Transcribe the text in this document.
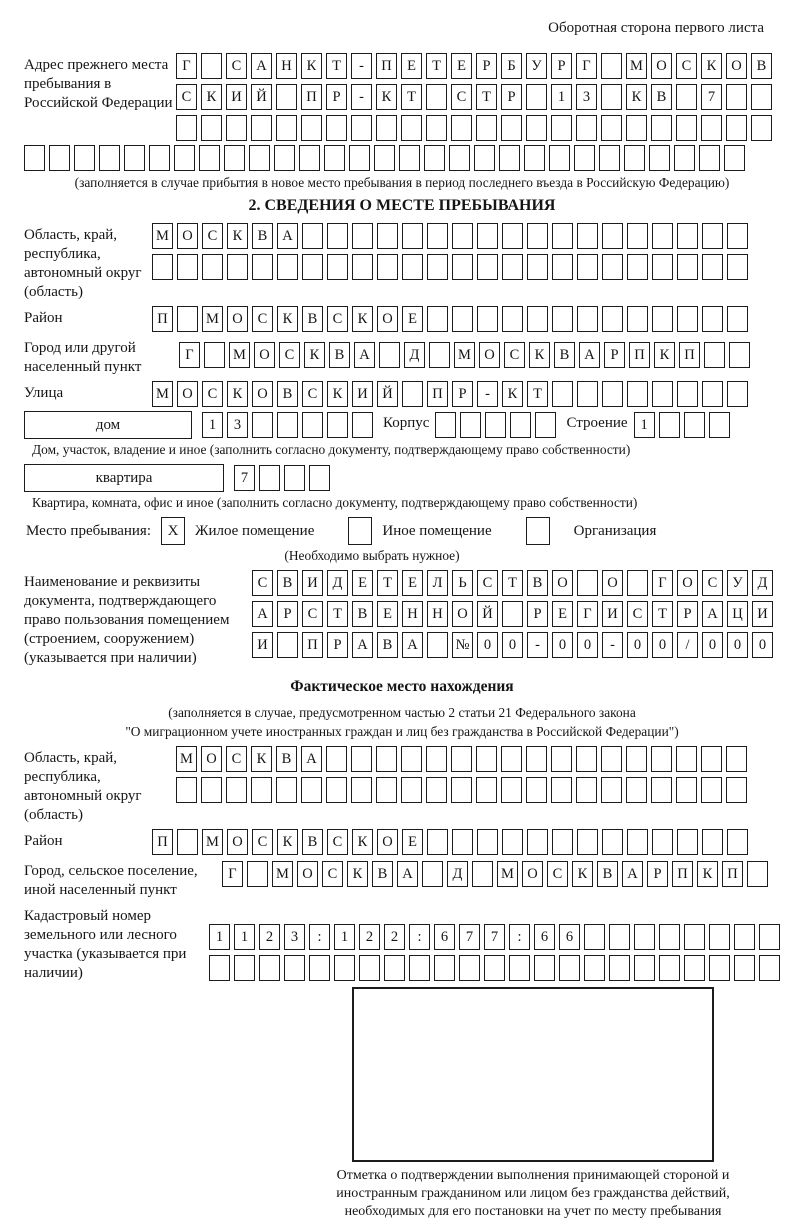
Оборотная сторона первого листа
Адрес прежнего места пребывания в Российской Федерации
Г	С	А	Н	К	Т	-	П	Е	Т	Е	Р	Б	У	Р	Г	М О	С	К	О	В
С	К	И	Й	П	Р	-	К	Т	С	Т	Р	1	3	К	В	7
(заполняется в случае прибытия в новое место пребывания в период последнего въезда в Российскую Федерацию)
2. СВЕДЕНИЯ О МЕСТЕ ПРЕБЫВАНИЯ
Область, край, республика, автономный округ (область)
М О	С	К	В	А
Район	П	М О	С	К	В	С	К	О	Е
Город или другой населенный пункт
Г	М О	С	К	В	А	Д	М О	С	К	В	А	Р	П	К	П
Улица	М О	С	К	О	В	С	К	И	Й	П	Р	-	К	Т
дом	1	3	Корпус	Строение 1
Дом, участок, владение и иное (заполнить согласно документу, подтверждающему право собственности)
квартира	7
Квартира, комната, офис и иное (заполнить согласно документу, подтверждающему право собственности)
Место пребывания:	X	Жилое помещение	Иное помещение	Организация
(Необходимо выбрать нужное)
Наименование и реквизиты документа, подтверждающего право пользования помещением (строением, сооружением) (указывается при наличии)
С	В	И	Д	Е	Т	Е	Л	Ь	С	Т	В	О	О	Г	О	С	У	Д
А	Р	С	Т	В	Е	Н	Н	О	Й	Р	Е	Г	И	С	Т	Р	А	Ц	И
И	П	Р	А	В	А	№ 0	0	-	0	0	-	0	0	/	0	0	0
Фактическое место нахождения
(заполняется в случае, предусмотренном частью 2 статьи 21 Федерального закона
"О миграционном учете иностранных граждан и лиц без гражданства в Российской Федерации")
Область, край, республика, автономный округ (область)
М О	С	К	В	А
Район	П	М О	С	К	В	С	К	О	Е
Город, сельское поселение, иной населенный пункт
Г	М О	С	К	В	А	Д	М О	С	К	В	А	Р	П	К	П
Кадастровый номер земельного или лесного участка (указывается при наличии)
1	1	2	3	:	1	2	2	:	6	7	7	:	6	6
Отметка о подтверждении выполнения принимающей стороной и иностранным гражданином или лицом без гражданства действий, необходимых для его постановки на учет по месту пребывания
